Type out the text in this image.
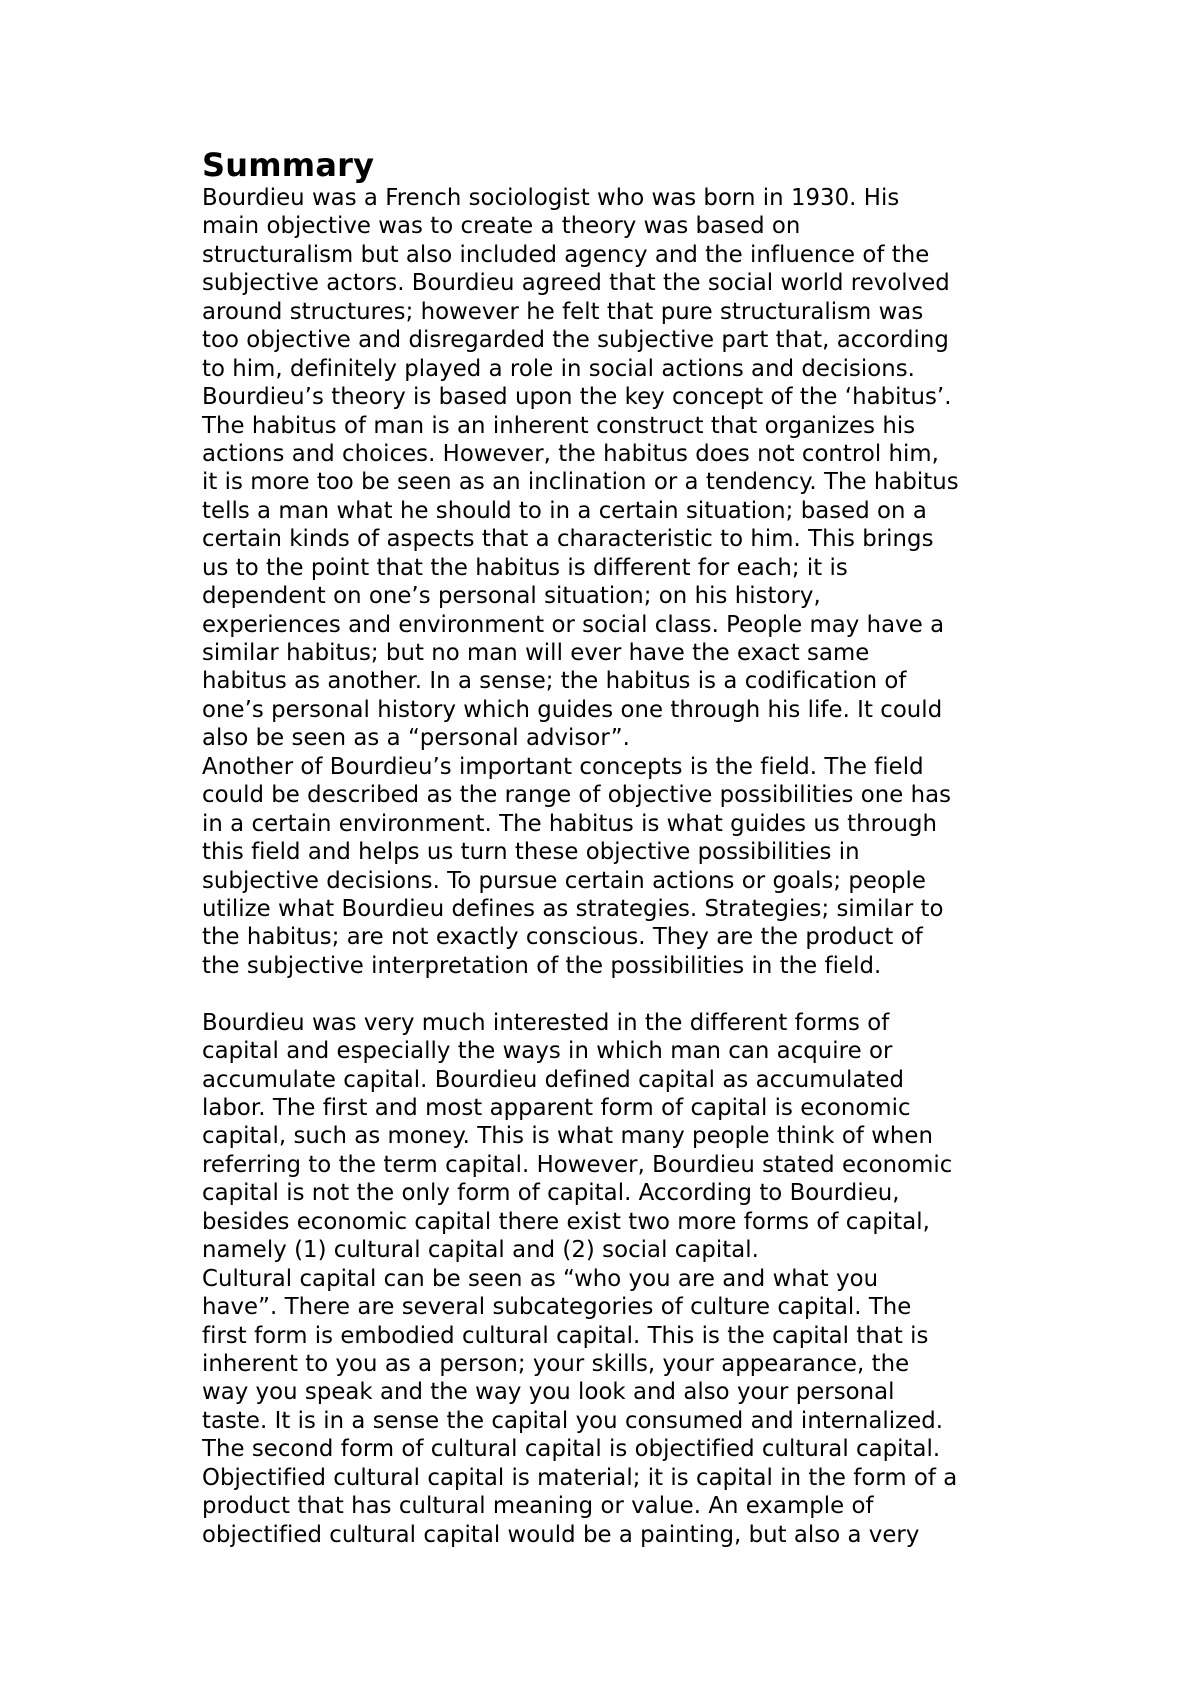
Summary

Bourdieu was a French sociologist who was born in 1930. His

main objective was to create a theory was based on

structuralism but also included agency and the influence of the

subjective actors. Bourdieu agreed that the social world revolved

around structures; however he felt that pure structuralism was

too objective and disregarded the subjective part that, according

to him, definitely played a role in social actions and decisions.

Bourdieu’s theory is based upon the key concept of the ‘habitus’.

The habitus of man is an inherent construct that organizes his

actions and choices. However, the habitus does not control him,

it is more too be seen as an inclination or a tendency. The habitus

tells a man what he should to in a certain situation; based on a

certain kinds of aspects that a characteristic to him. This brings

us to the point that the habitus is different for each; it is

dependent on one’s personal situation; on his history,

experiences and environment or social class. People may have a

similar habitus; but no man will ever have the exact same

habitus as another. In a sense; the habitus is a codification of

one’s personal history which guides one through his life. It could

also be seen as a “personal advisor”.

Another of Bourdieu’s important concepts is the field. The field

could be described as the range of objective possibilities one has

in a certain environment. The habitus is what guides us through

this field and helps us turn these objective possibilities in

subjective decisions. To pursue certain actions or goals; people

utilize what Bourdieu defines as strategies. Strategies; similar to

the habitus; are not exactly conscious. They are the product of

the subjective interpretation of the possibilities in the field.

Bourdieu was very much interested in the different forms of

capital and especially the ways in which man can acquire or

accumulate capital. Bourdieu defined capital as accumulated

labor. The first and most apparent form of capital is economic

capital, such as money. This is what many people think of when

referring to the term capital. However, Bourdieu stated economic

capital is not the only form of capital. According to Bourdieu,

besides economic capital there exist two more forms of capital,

namely (1) cultural capital and (2) social capital.

Cultural capital can be seen as “who you are and what you

have”. There are several subcategories of culture capital. The

first form is embodied cultural capital. This is the capital that is

inherent to you as a person; your skills, your appearance, the

way you speak and the way you look and also your personal

taste. It is in a sense the capital you consumed and internalized.

The second form of cultural capital is objectified cultural capital.

Objectified cultural capital is material; it is capital in the form of a

product that has cultural meaning or value. An example of

objectified cultural capital would be a painting, but also a very
